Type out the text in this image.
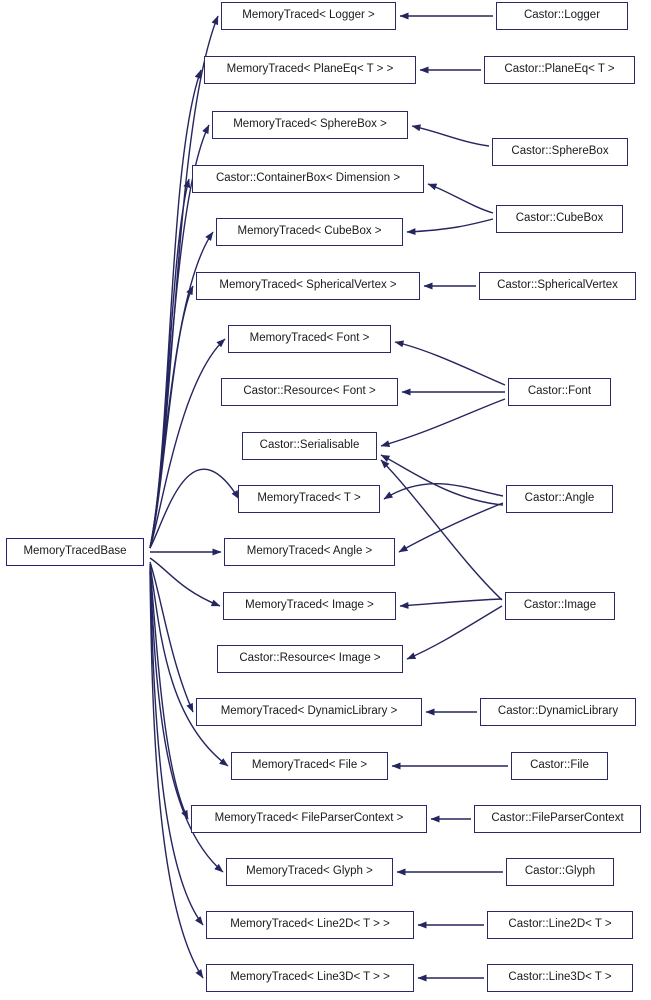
MemoryTracedBase
MemoryTraced< Logger >	Castor::Logger
MemoryTraced< PlaneEq< T > >	Castor::PlaneEq< T >
MemoryTraced< SphereBox >
Castor::SphereBox
Castor::ContainerBox< Dimension >
Castor::CubeBox
MemoryTraced< CubeBox >
MemoryTraced< SphericalVertex >	Castor::SphericalVertex
MemoryTraced< Font >
Castor::Resource< Font >	Castor::Font
Castor::Serialisable
MemoryTraced< T >	Castor::Angle
MemoryTraced< Angle >
MemoryTraced< Image >	Castor::Image
Castor::Resource< Image >
MemoryTraced< DynamicLibrary >	Castor::DynamicLibrary
MemoryTraced< File >	Castor::File
MemoryTraced< FileParserContext >	Castor::FileParserContext
MemoryTraced< Glyph >	Castor::Glyph
MemoryTraced< Line2D< T > >	Castor::Line2D< T >
MemoryTraced< Line3D< T > >	Castor::Line3D< T >
